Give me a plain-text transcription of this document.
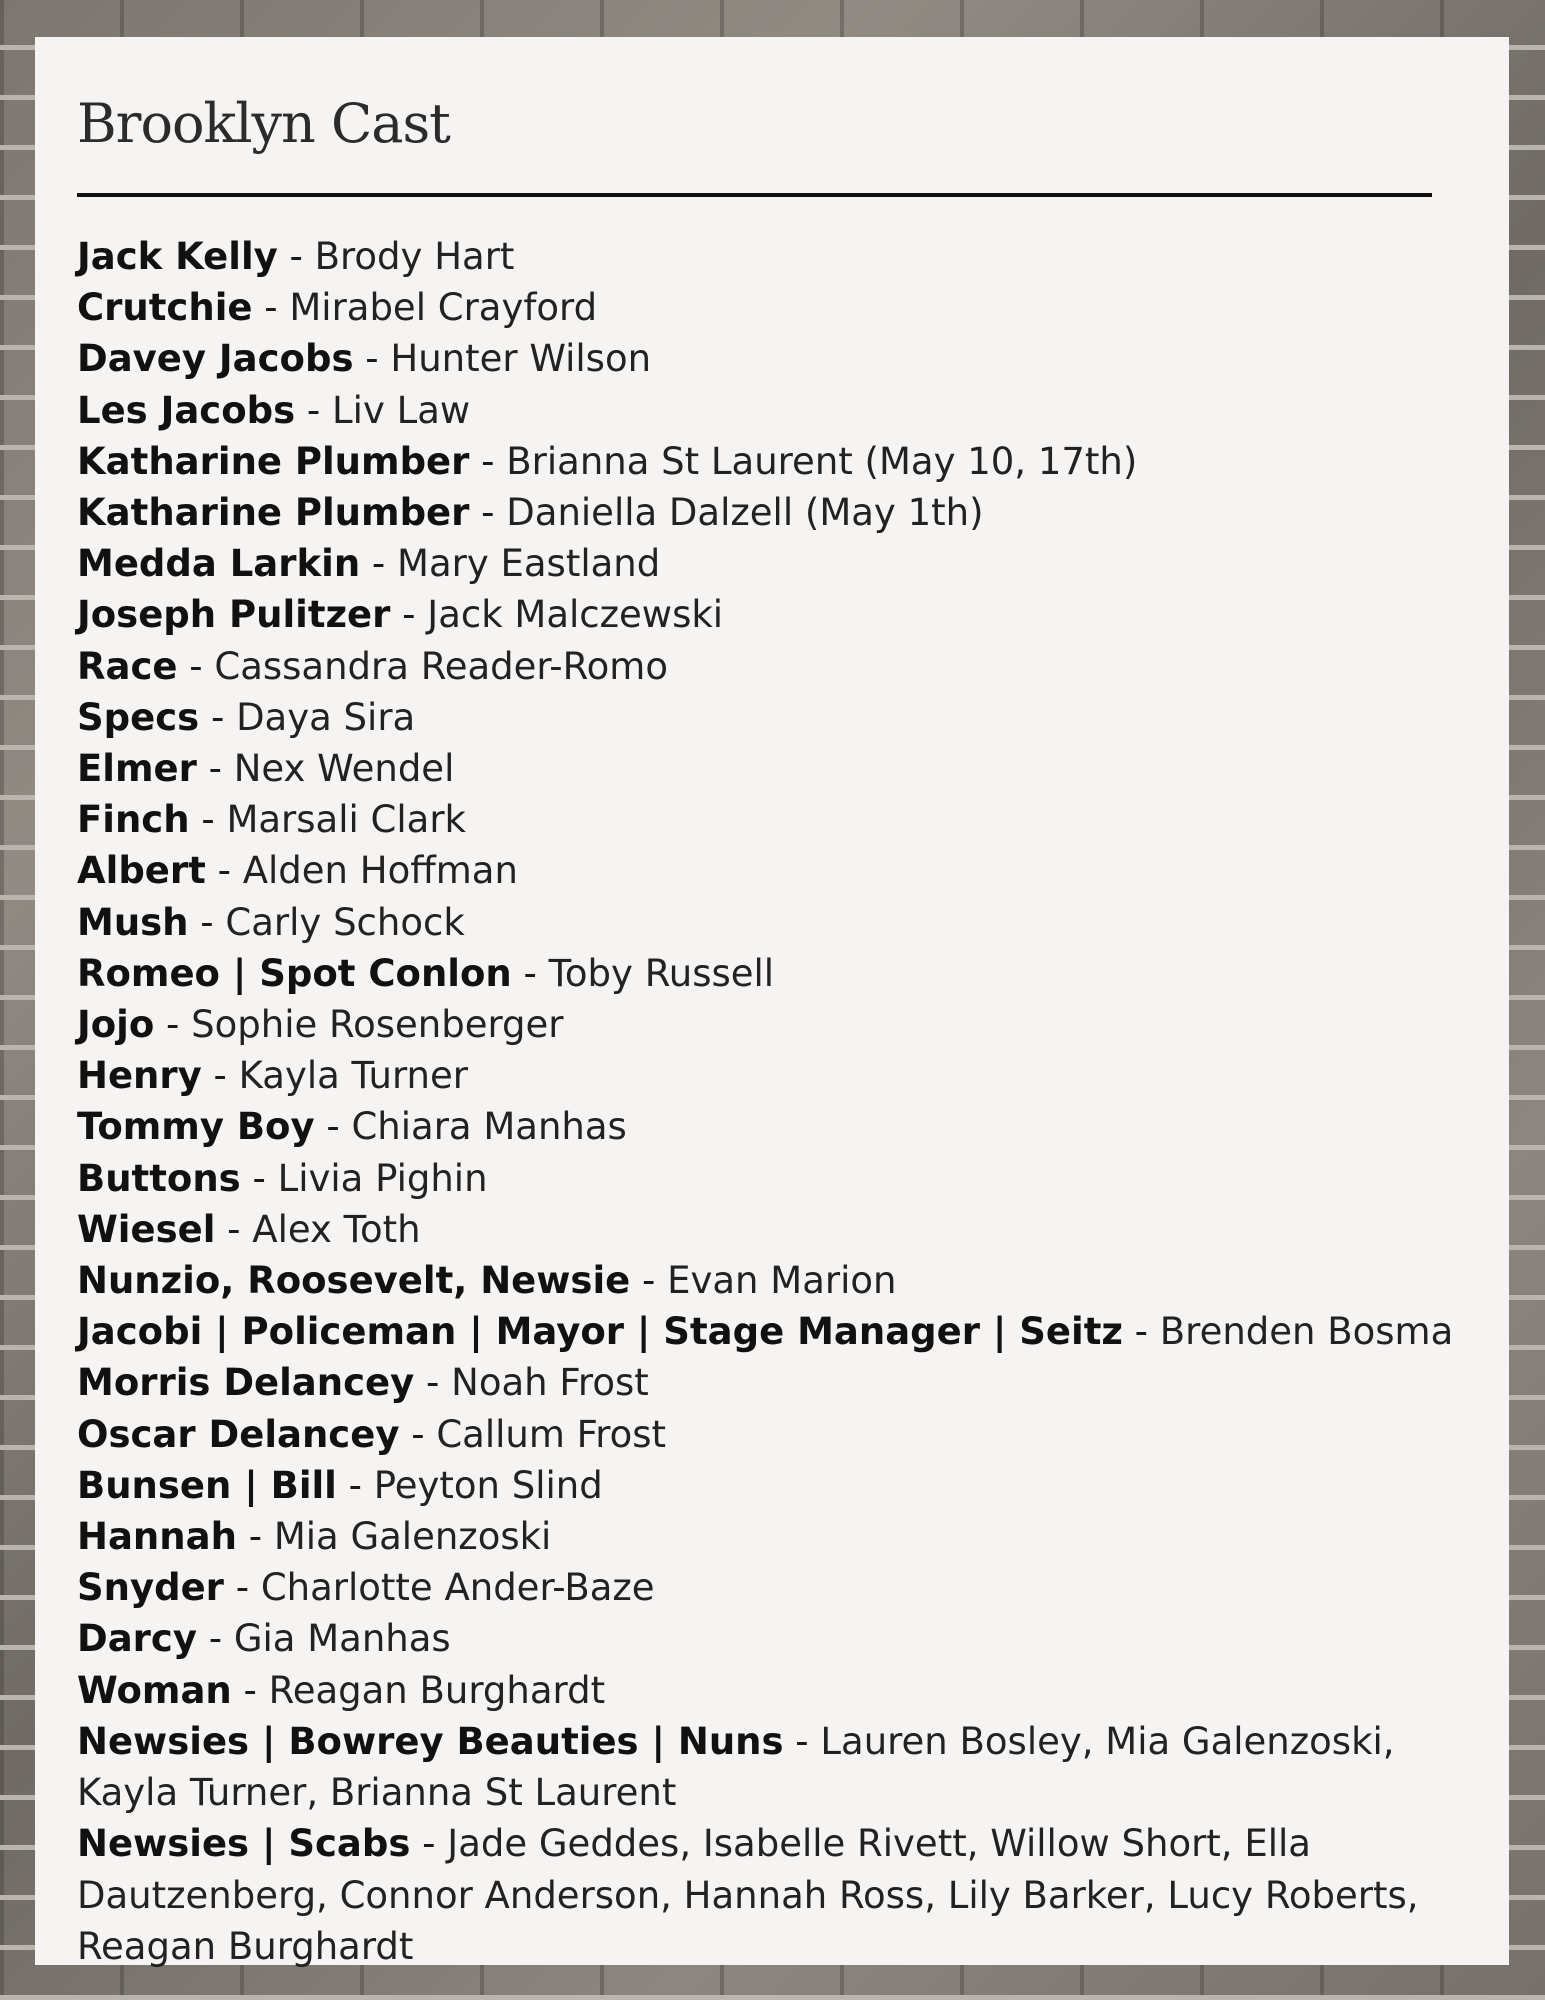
Brooklyn Cast
Jack Kelly - Brody Hart
Crutchie - Mirabel Crayford
Davey Jacobs - Hunter Wilson
Les Jacobs - Liv Law
Katharine Plumber - Brianna St Laurent (May 10, 17th)
Katharine Plumber - Daniella Dalzell (May 1th)
Medda Larkin - Mary Eastland
Joseph Pulitzer - Jack Malczewski
Race - Cassandra Reader-Romo
Specs - Daya Sira
Elmer - Nex Wendel
Finch - Marsali Clark
Albert - Alden Hoffman
Mush - Carly Schock
Romeo | Spot Conlon - Toby Russell
Jojo - Sophie Rosenberger
Henry - Kayla Turner
Tommy Boy - Chiara Manhas
Buttons - Livia Pighin
Wiesel - Alex Toth
Nunzio, Roosevelt, Newsie - Evan Marion
Jacobi | Policeman | Mayor | Stage Manager | Seitz - Brenden Bosma
Morris Delancey - Noah Frost
Oscar Delancey - Callum Frost
Bunsen | Bill - Peyton Slind
Hannah - Mia Galenzoski
Snyder - Charlotte Ander-Baze
Darcy - Gia Manhas
Woman - Reagan Burghardt
Newsies | Bowrey Beauties | Nuns - Lauren Bosley, Mia Galenzoski, Kayla Turner, Brianna St Laurent
Newsies | Scabs - Jade Geddes, Isabelle Rivett, Willow Short, Ella Dautzenberg, Connor Anderson, Hannah Ross, Lily Barker, Lucy Roberts, Reagan Burghardt
